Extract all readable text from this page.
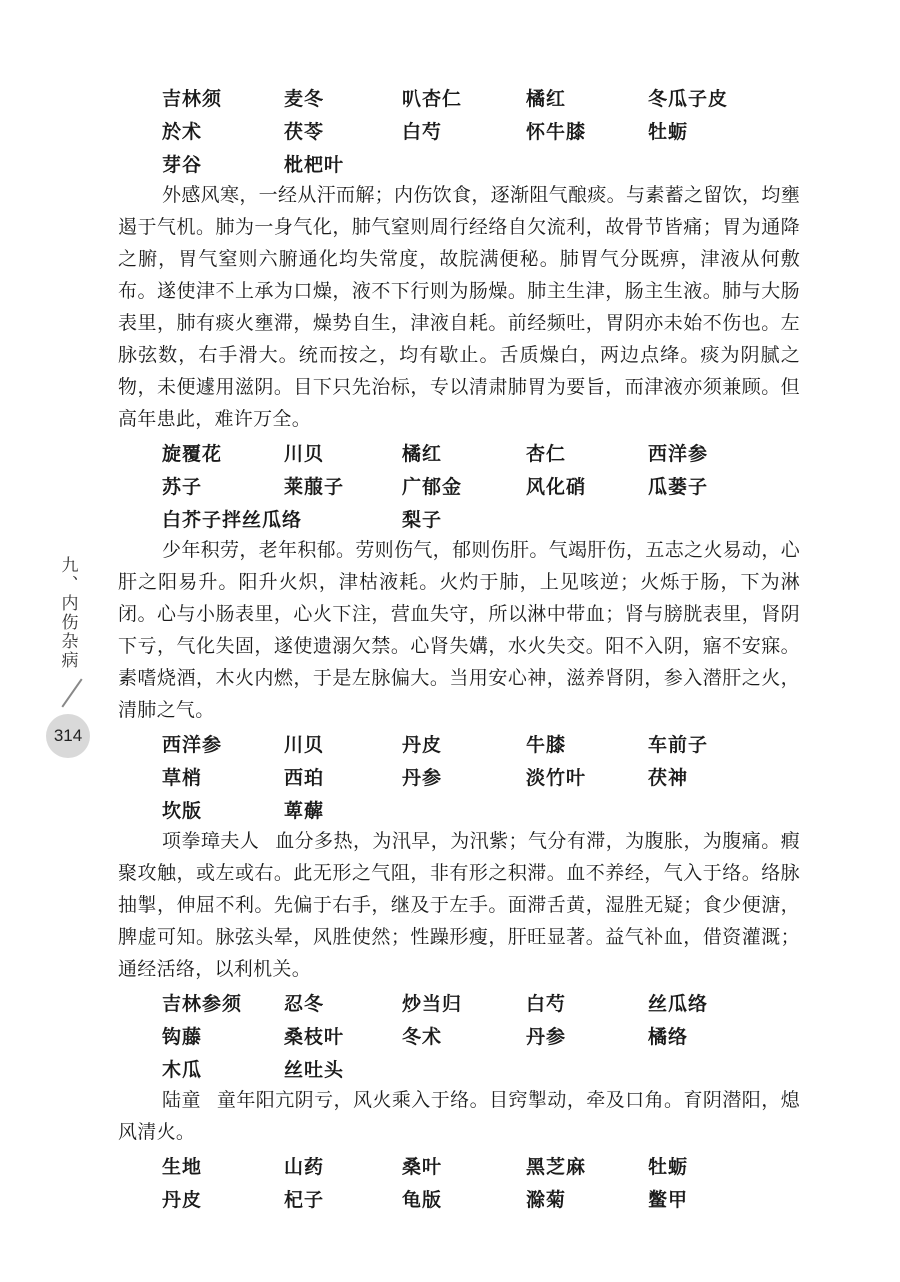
九、内伤杂病
314
吉林须	麦冬	叭杏仁	橘红	冬瓜子皮
於术	茯苓	白芍	怀牛膝	牡蛎
芽谷	枇杷叶

外感风寒，一经从汗而解；内伤饮食，逐渐阻气酿痰。与素蓄之留饮，均壅遏于气机。肺为一身气化，肺气窒则周行经络自欠流利，故骨节皆痛；胃为通降之腑，胃气窒则六腑通化均失常度，故脘满便秘。肺胃气分既痹，津液从何敷布。遂使津不上承为口燥，液不下行则为肠燥。肺主生津，肠主生液。肺与大肠表里，肺有痰火壅滞，燥势自生，津液自耗。前经频吐，胃阴亦未始不伤也。左脉弦数，右手滑大。统而按之，均有歇止。舌质燥白，两边点绛。痰为阴腻之物，未便遽用滋阴。目下只先治标，专以清肃肺胃为要旨，而津液亦须兼顾。但高年患此，难许万全。

旋覆花	川贝	橘红	杏仁	西洋参
苏子	莱菔子	广郁金	风化硝	瓜蒌子
白芥子拌丝瓜络	梨子

少年积劳，老年积郁。劳则伤气，郁则伤肝。气竭肝伤，五志之火易动，心肝之阳易升。阳升火炽，津枯液耗。火灼于肺，上见咳逆；火烁于肠，下为淋闭。心与小肠表里，心火下注，营血失守，所以淋中带血；肾与膀胱表里，肾阴下亏，气化失固，遂使遗溺欠禁。心肾失媾，水火失交。阳不入阴，寤不安寐。素嗜烧酒，木火内燃，于是左脉偏大。当用安心神，滋养肾阴，参入潜肝之火，清肺之气。

西洋参	川贝	丹皮	牛膝	车前子
草梢	西珀	丹参	淡竹叶	茯神
坎版	萆薢

项拳璋夫人 血分多热，为汛早，为汛紫；气分有滞，为腹胀，为腹痛。瘕聚攻触，或左或右。此无形之气阻，非有形之积滞。血不养经，气入于络。络脉抽掣，伸屈不利。先偏于右手，继及于左手。面滞舌黄，湿胜无疑；食少便溏，脾虚可知。脉弦头晕，风胜使然；性躁形瘦，肝旺显著。益气补血，借资灌溉；通经活络，以利机关。

吉林参须 忍冬	炒当归	白芍	丝瓜络
钩藤	桑枝叶	冬术	丹参	橘络
木瓜	丝吐头

陆童 童年阳亢阴亏，风火乘入于络。目窍掣动，牵及口角。育阴潜阳，熄风清火。

生地	山药	桑叶	黑芝麻	牡蛎
丹皮	杞子	龟版	滁菊	鳖甲
